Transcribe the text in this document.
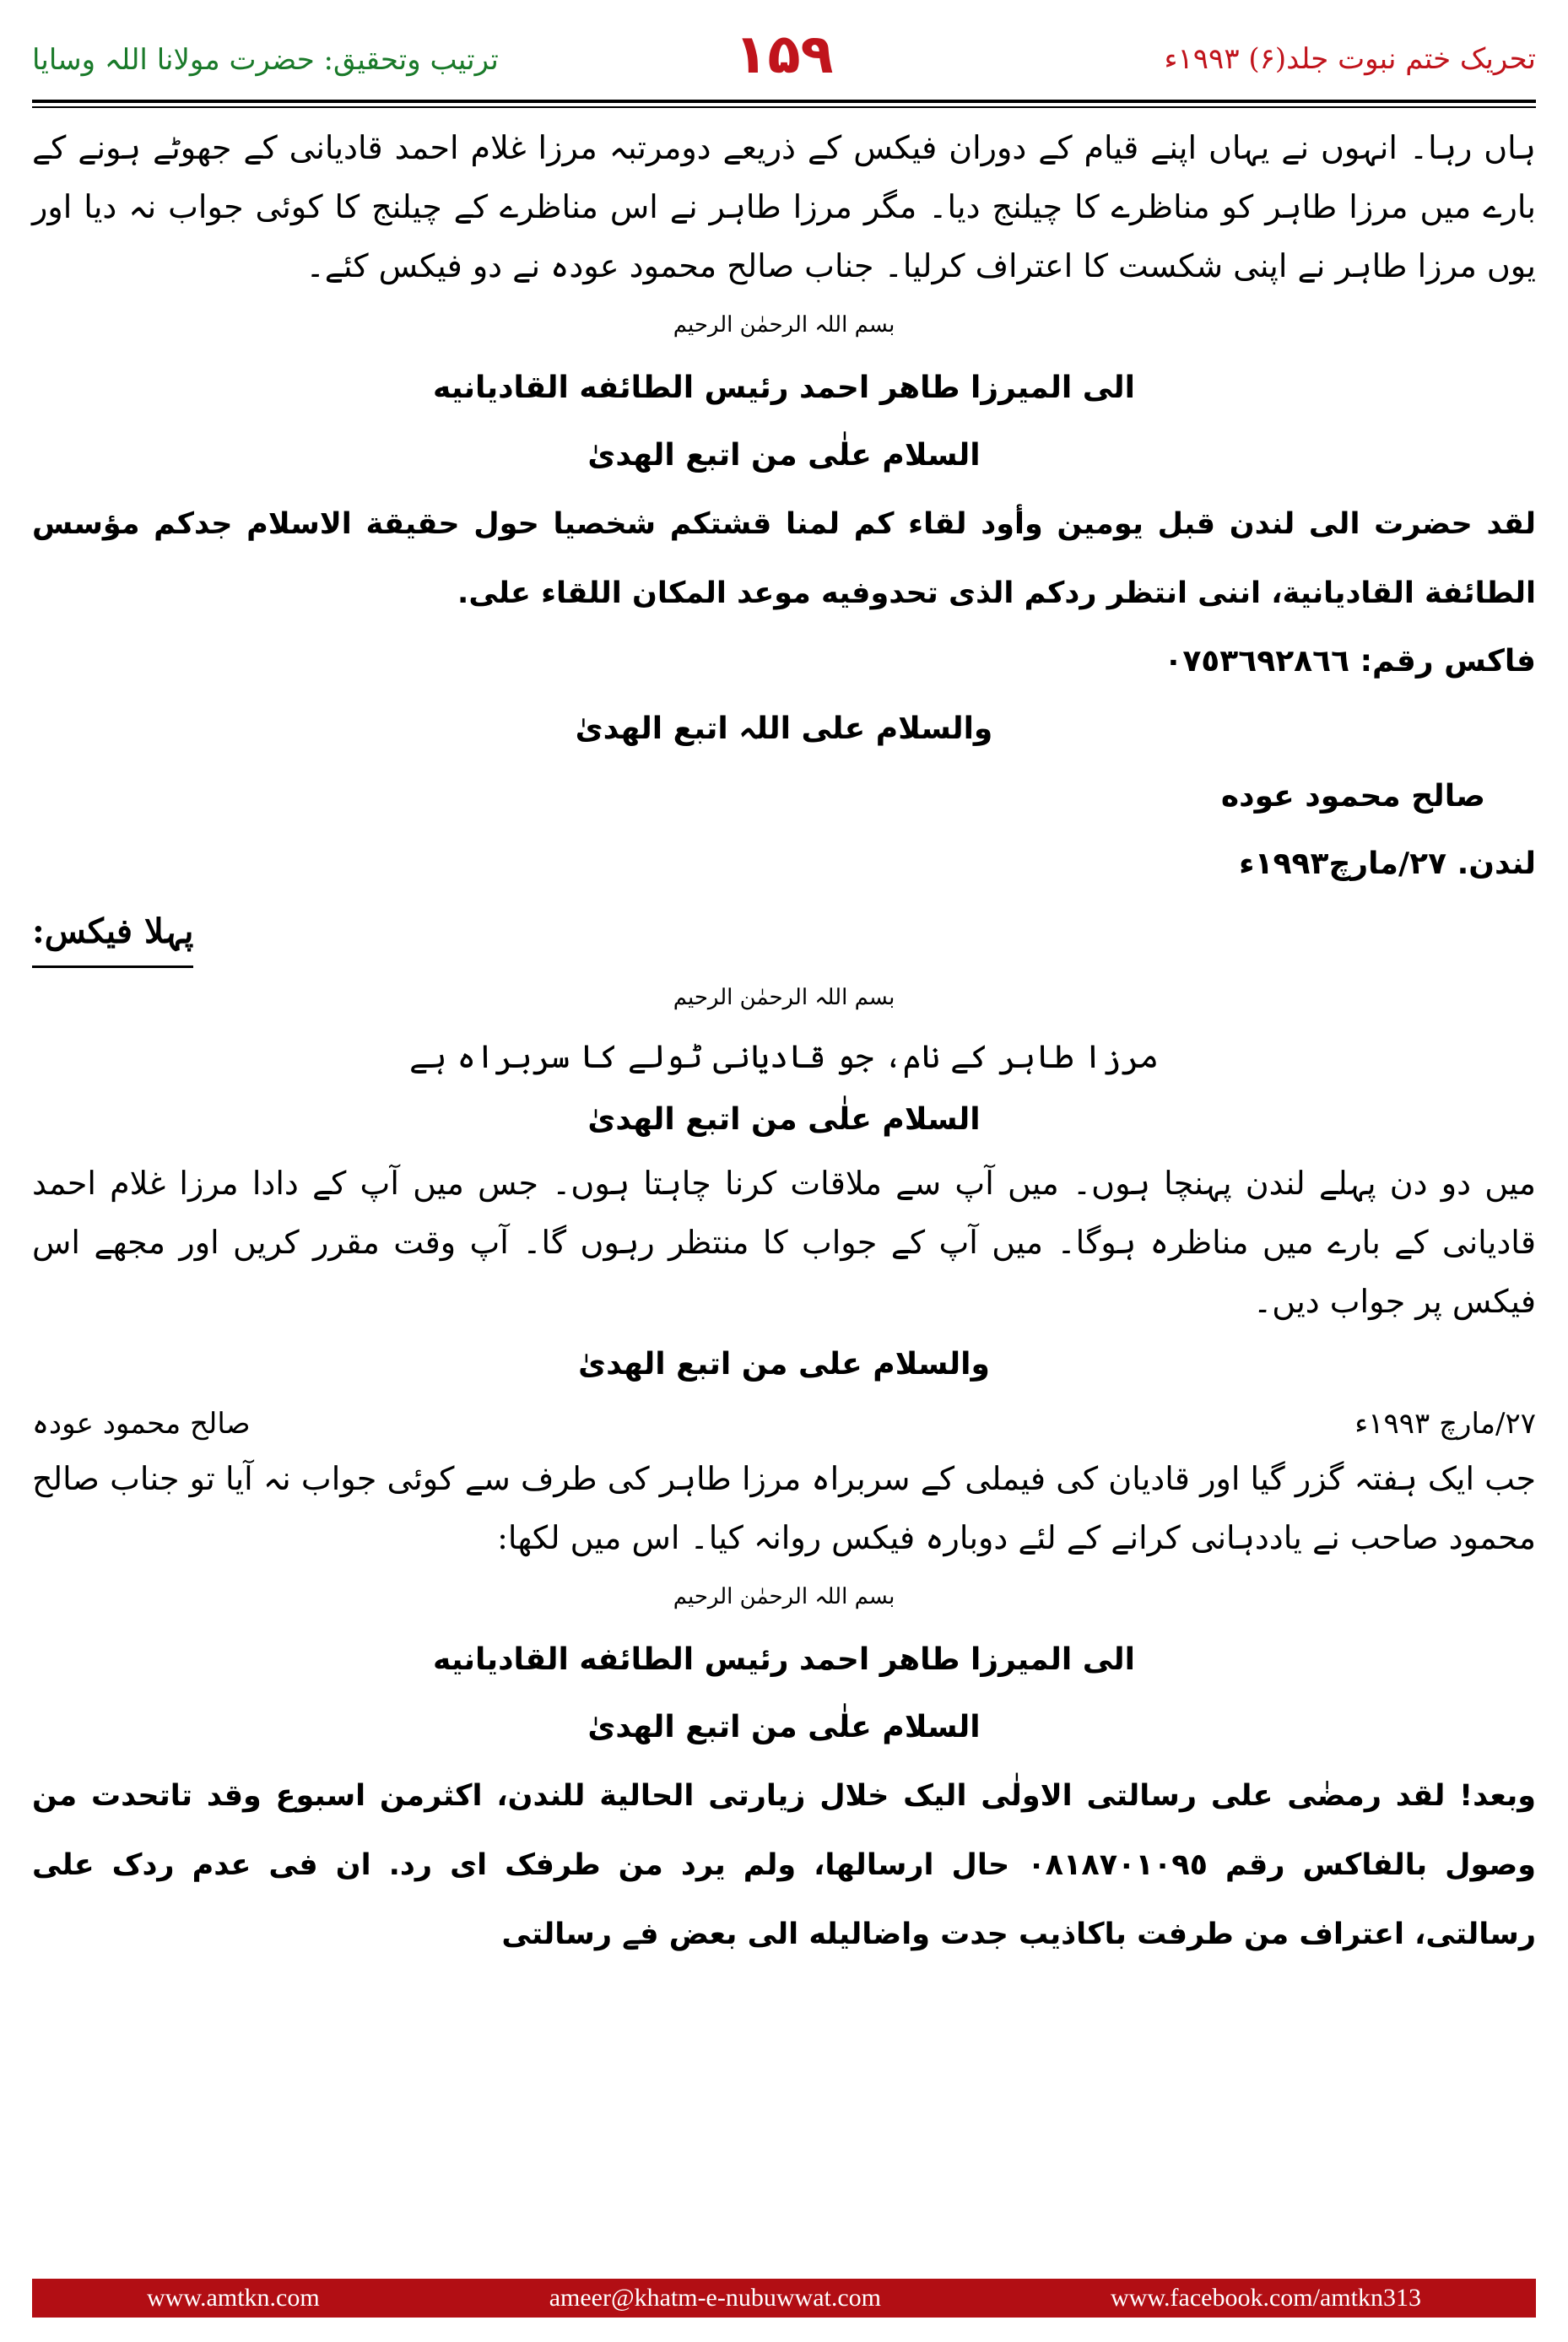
ترتیب وتحقیق: حضرت مولانا اللہ وسایا	۱۵۹	تحریک ختم نبوت جلد(۶) ۱۹۹۳ء
ہاں رہا۔ انہوں نے یہاں اپنے قیام کے دوران فیکس کے ذریعے دومرتبہ مرزا غلام احمد قادیانی کے جھوٹے ہونے کے بارے میں مرزا طاہر کو مناظرے کا چیلنج دیا۔ مگر مرزا طاہر نے اس مناظرے کے چیلنج کا کوئی جواب نہ دیا اور یوں مرزا طاہر نے اپنی شکست کا اعتراف کرلیا۔ جناب صالح محمود عودہ نے دو فیکس کئے۔
بسم اللہ الرحمٰن الرحیم
الی المیرزا طاهر احمد رئیس الطائفه القادیانیه
السلام علٰی من اتبع الهدیٰ
لقد حضرت الی لندن قبل یومین وأود لقاء کم لمنا قشتکم شخصیا حول حقیقة الاسلام جدکم مؤسس الطائفة القادیانیة، اننی انتظر ردکم الذی تحدوفیه موعد المکان اللقاء علی.
فاکس رقم: ٠٧٥٣٦٩٢٨٦٦
والسلام علی اللہ اتبع الهدیٰ
صالح محمود عوده
لندن. ٢٧/مارچ١٩٩٣ء
پہلا فیکس:
بسم اللہ الرحمٰن الرحیم
مرزا طاہر کے نام، جو قادیانی ٹولے کا سربراہ ہے
السلام علٰی من اتبع الهدیٰ
میں دو دن پہلے لندن پہنچا ہوں۔ میں آپ سے ملاقات کرنا چاہتا ہوں۔ جس میں آپ کے دادا مرزا غلام احمد قادیانی کے بارے میں مناظرہ ہوگا۔ میں آپ کے جواب کا منتظر رہوں گا۔ آپ وقت مقرر کریں اور مجھے اس فیکس پر جواب دیں۔
والسلام علی من اتبع الهدیٰ
۲۷/مارچ ۱۹۹۳ء
صالح محمود عودہ
جب ایک ہفتہ گزر گیا اور قادیان کی فیملی کے سربراہ مرزا طاہر کی طرف سے کوئی جواب نہ آیا تو جناب صالح محمود صاحب نے یاددہانی کرانے کے لئے دوبارہ فیکس روانہ کیا۔ اس میں لکھا:
بسم اللہ الرحمٰن الرحیم
الی المیرزا طاهر احمد رئیس الطائفه القادیانیه
السلام علٰی من اتبع الهدیٰ
وبعد! لقد رمضٰی علی رسالتی الاولٰی الیک خلال زیارتی الحالیة للندن، اکثرمن اسبوع وقد تاتحدت من وصول بالفاکس رقم ٠٨١٨٧٠١٠٩٥ حال ارسالها، ولم یرد من طرفک ای رد. ان فی عدم ردک علی رسالتی، اعتراف من طرفت باکاذیب جدت واضالیله الی بعض فے رسالتی
www.amtkn.com	ameer@khatm-e-nubuwwat.com	www.facebook.com/amtkn313
